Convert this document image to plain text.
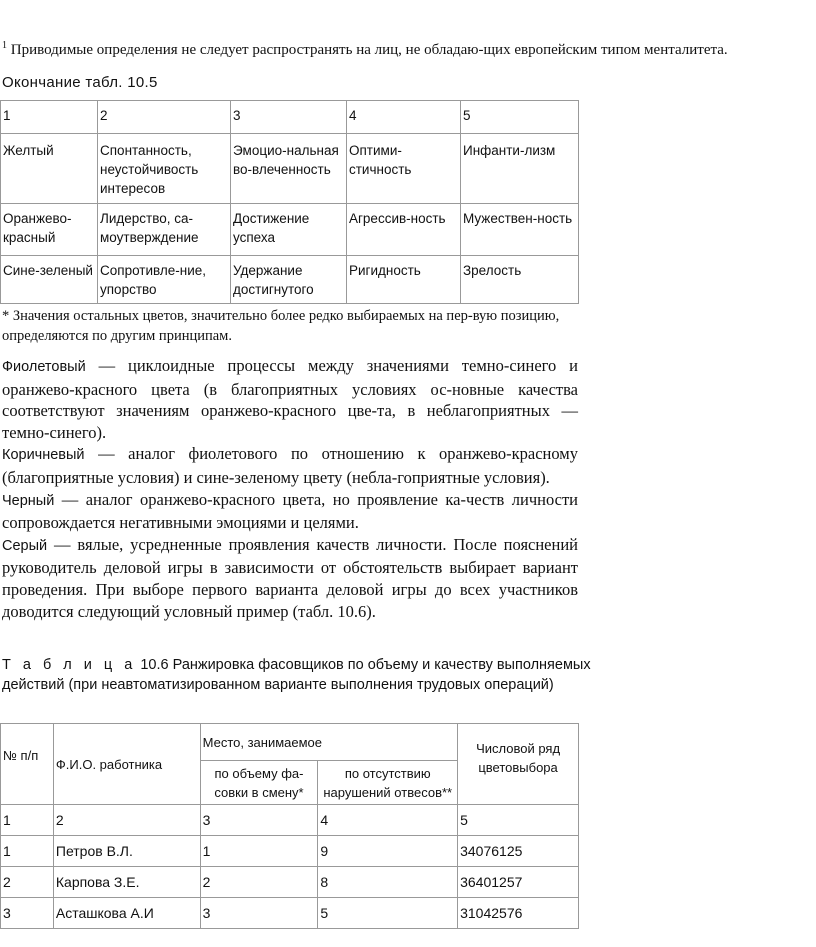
$^1$ Приводимые определения не следует распространять на лиц, не обладаю-щих европейским типом менталитета.
Окончание табл. 10.5
1	2	3	4	5
Желтый	Спонтанность, неустойчивость интересов	Эмоцио-нальная во-влеченность	Оптими-стичность	Инфанти-лизм
Оранжево-красный	Лидерство, са-моутверждение	Достижение успеха	Агрессив-ность	Мужествен-ность
Сине-зеленый	Сопротивле-ние, упорство	Удержание достигнутого	Ригидность	Зрелость
* Значения остальных цветов, значительно более редко выбираемых на пер-вую позицию, определяются по другим принципам.

Фиолетовый — циклоидные процессы между значениями темно-синего и оранжево-красного цвета (в благоприятных условиях ос-новные качества соответствуют значениям оранжево-красного цве-та, в неблагоприятных — темно-синего).

Коричневый — аналог фиолетового по отношению к оранжево-красному (благоприятные условия) и сине-зеленому цвету (небла-гоприятные условия).

Черный — аналог оранжево-красного цвета, но проявление ка-честв личности сопровождается негативными эмоциями и целями.

Серый — вялые, усредненные проявления качеств личности. После пояснений руководитель деловой игры в зависимости от обстоятельств выбирает вариант проведения. При выборе первого варианта деловой игры до всех участников доводится следующий условный пример (табл. 10.6).

Т а б л и ц а 10.6 Ранжировка фасовщиков по объему и качеству выполняемых действий (при неавтоматизированном варианте выполнения трудовых операций)
№ п/п	Ф.И.О. работника	Место, занимаемое		Числовой ряд цветовыбора
		по объему фа-совки в смену*	по отсутствию нарушений отвесов**	
1	2	3	4	5
1	Петров В.Л.	1	9	34076125
2	Карпова З.Е.	2	8	36401257
3	Асташкова А.И	3	5	31042576
